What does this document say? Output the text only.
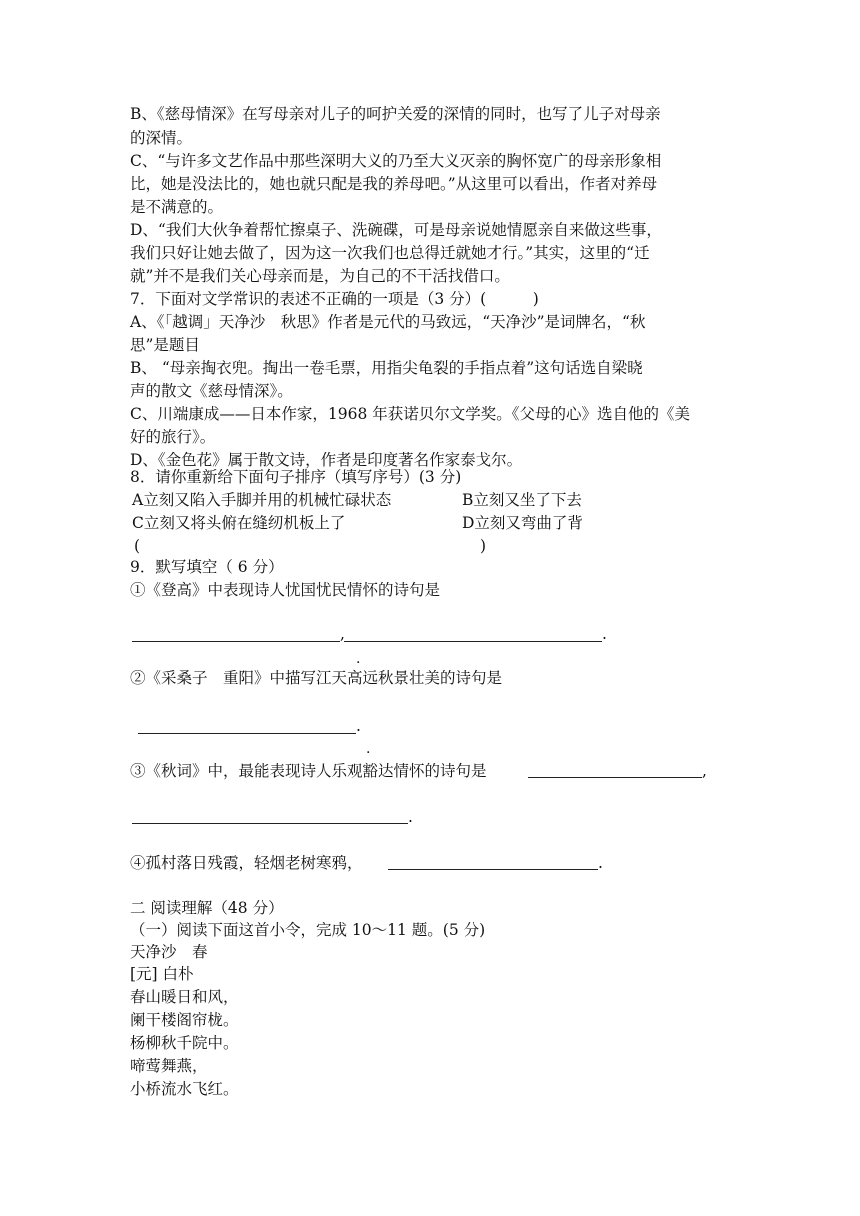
B、《慈母情深》在写母亲对儿子的呵护关爱的深情的同时，也写了儿子对母亲
的深情。
C、“与许多文艺作品中那些深明大义的乃至大义灭亲的胸怀宽广的母亲形象相
比，她是没法比的，她也就只配是我的养母吧。”从这里可以看出，作者对养母
是不满意的。
D、“我们大伙争着帮忙擦桌子、洗碗碟，可是母亲说她情愿亲自来做这些事，
我们只好让她去做了，因为这一次我们也总得迁就她才行。”其实，这里的“迁
就”并不是我们关心母亲而是，为自己的不干活找借口。
7．下面对文学常识的表述不正确的一项是（3 分）(　　　)
A、《「越调」天净沙　秋思》作者是元代的马致远，“天净沙”是词牌名，“秋
思”是题目
B、 “母亲掏衣兜。掏出一卷毛票，用指尖龟裂的手指点着”这句话选自梁晓
声的散文《慈母情深》。
C、川端康成——日本作家，1968 年获诺贝尔文学奖。《父母的心》选自他的《美
好的旅行》。
D、《金色花》属于散文诗，作者是印度著名作家泰戈尔。
8．请你重新给下面句子排序（填写序号）(3 分)
A立刻又陷入手脚并用的机械忙碌状态	B立刻又坐了下去
C立刻又将头俯在缝纫机板上了	D立刻又弯曲了背
(	)
9．默写填空（ 6 分）
①《登高》中表现诗人忧国忧民情怀的诗句是
,	.
.
②《采桑子　重阳》中描写江天高远秋景壮美的诗句是
.
.
③《秋词》中，最能表现诗人乐观豁达情怀的诗句是	,
.
④孤村落日残霞，轻烟老树寒鸦，	.
二 阅读理解（48 分）
（一）阅读下面这首小令，完成 10～11 题。(5 分)
天净沙　春
[元] 白朴
春山暖日和风，
阑干楼阁帘栊。
杨柳秋千院中。
啼莺舞燕，
小桥流水飞红。
